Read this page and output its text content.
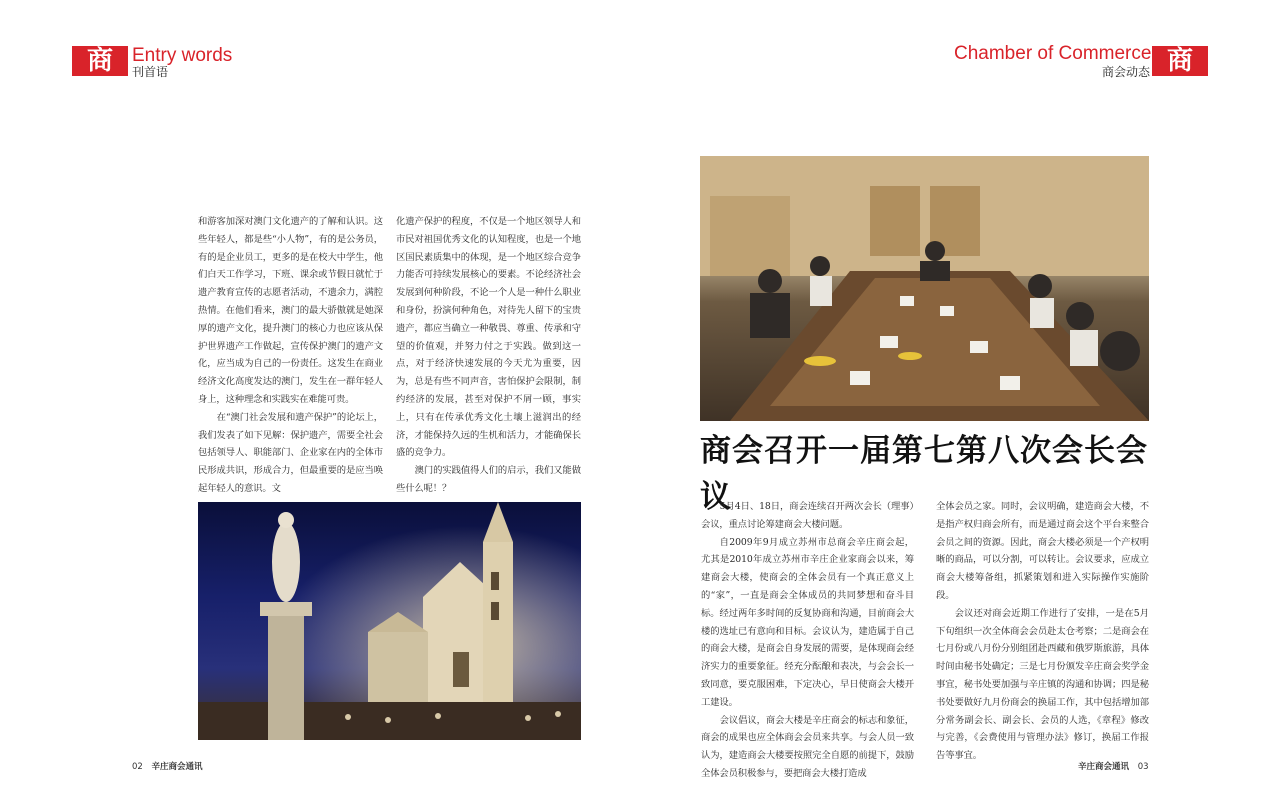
商	Entry words
刊首语
Chamber of Commerce
商会动态 商

和游客加深对澳门文化遗产的了解和认识。这些年轻人，都是些“小人物”，有的是公务员，有的是企业员工，更多的是在校大中学生，他们白天工作学习，下班、课余或节假日就忙于遗产教育宣传的志愿者活动，不遗余力，满腔热情。在他们看来，澳门的最大骄傲就是她深厚的遗产文化，提升澳门的核心力也应该从保护世界遗产工作做起，宣传保护澳门的遗产文化，应当成为自己的一份责任。这发生在商业经济文化高度发达的澳门，发生在一群年轻人身上，这种理念和实践实在难能可贵。

在“澳门社会发展和遗产保护”的论坛上，我们发表了如下见解：保护遗产，需要全社会包括领导人、职能部门、企业家在内的全体市民形成共识，形成合力，但最重要的是应当唤起年轻人的意识。文

化遗产保护的程度，不仅是一个地区领导人和市民对祖国优秀文化的认知程度，也是一个地区国民素质集中的体现，是一个地区综合竞争力能否可持续发展核心的要素。不论经济社会发展到何种阶段，不论一个人是一种什么职业和身份，扮演何种角色，对待先人留下的宝贵遗产，都应当确立一种敬畏、尊重、传承和守望的价值观，并努力付之于实践。做到这一点，对于经济快速发展的今天尤为重要，因为，总是有些不同声音，害怕保护会限制，制约经济的发展，甚至对保护不屑一顾，事实上，只有在传承优秀文化土壤上滋润出的经济，才能保持久远的生机和活力，才能确保长盛的竞争力。

澳门的实践值得人们的启示，我们又能做些什么呢！？

商会召开一届第七第八次会长会议

5月4日、18日，商会连续召开两次会长（理事）会议，重点讨论筹建商会大楼问题。

自2009年9月成立苏州市总商会辛庄商会起，尤其是2010年成立苏州市辛庄企业家商会以来，筹建商会大楼，使商会的全体会员有一个真正意义上的“家”，一直是商会全体成员的共同梦想和奋斗目标。经过两年多时间的反复协商和沟通，目前商会大楼的选址已有意向和目标。会议认为，建造属于自己的商会大楼，是商会自身发展的需要，是体现商会经济实力的重要象征。经充分酝酿和表决，与会会长一致同意，要克服困难，下定决心，早日使商会大楼开工建设。

会议倡议，商会大楼是辛庄商会的标志和象征，商会的成果也应全体商会会员来共享。与会人员一致认为，建造商会大楼要按照完全自愿的前提下，鼓励全体会员积极参与，要把商会大楼打造成

全体会员之家。同时，会议明确，建造商会大楼，不是指产权归商会所有，而是通过商会这个平台来整合会员之间的资源。因此，商会大楼必须是一个产权明晰的商品，可以分割，可以转让。会议要求，应成立商会大楼筹备组，抓紧策划和进入实际操作实施阶段。

会议还对商会近期工作进行了安排，一是在5月下旬组织一次全体商会会员赴太仓考察；二是商会在七月份或八月份分别组团赴西藏和俄罗斯旅游，具体时间由秘书处确定；三是七月份颁发辛庄商会奖学金事宜，秘书处要加强与辛庄镇的沟通和协调；四是秘书处要做好九月份商会的换届工作，其中包括增加部分常务副会长、副会长、会员的人选，《章程》修改与完善，《会费使用与管理办法》修订，换届工作报告等事宜。

02 辛庄商会通讯	辛庄商会通讯 03
